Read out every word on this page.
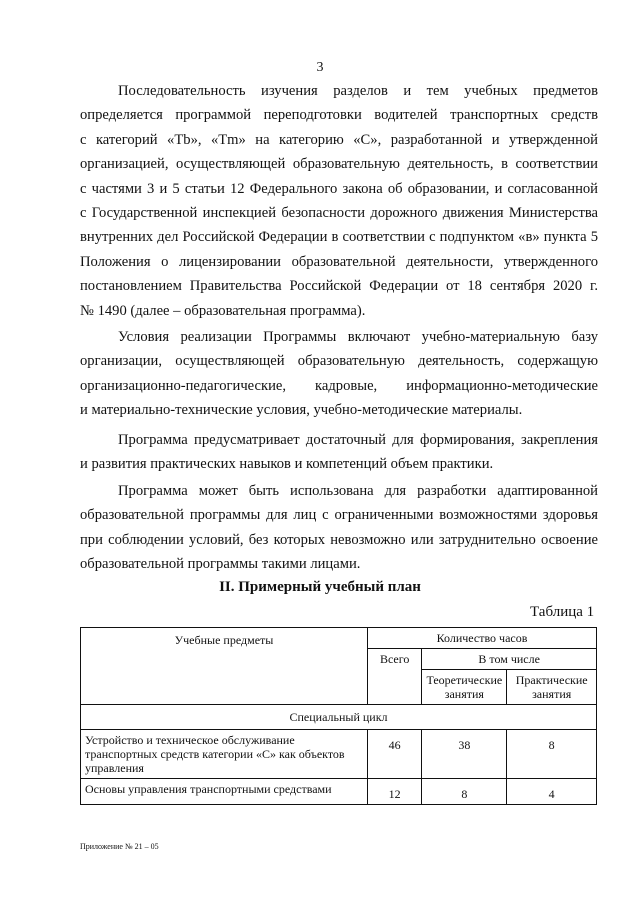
3

Последовательность изучения разделов и тем учебных предметов
определяется программой переподготовки водителей транспортных средств
с категорий «Tb», «Tm» на категорию «С», разработанной и утвержденной
организацией, осуществляющей образовательную деятельность, в соответствии
с частями 3 и 5 статьи 12 Федерального закона об образовании, и согласованной
с Государственной инспекцией безопасности дорожного движения Министерства
внутренних дел Российской Федерации в соответствии с подпунктом «в» пункта 5
Положения о лицензировании образовательной деятельности, утвержденного
постановлением Правительства Российской Федерации от 18 сентября 2020 г.
№ 1490 (далее – образовательная программа).

Условия реализации Программы включают учебно-материальную базу
организации, осуществляющей образовательную деятельность, содержащую
организационно-педагогические, кадровые, информационно-методические
и материально-технические условия, учебно-методические материалы.

Программа предусматривает достаточный для формирования, закрепления
и развития практических навыков и компетенций объем практики.

Программа может быть использована для разработки адаптированной
образовательной программы для лиц с ограниченными возможностями здоровья
при соблюдении условий, без которых невозможно или затруднительно освоение
образовательной программы такими лицами.

II. Примерный учебный план
Таблица 1
Учебные предметы	Количество часов		
	Всего	В том числе	
		Теоретические занятия	Практические занятия
Специальный цикл			
Устройство и техническое обслуживание транспортных средств категории «С» как объектов управления	46	38	8
Основы управления транспортными средствами	12	8	4
Приложение № 21 – 05
